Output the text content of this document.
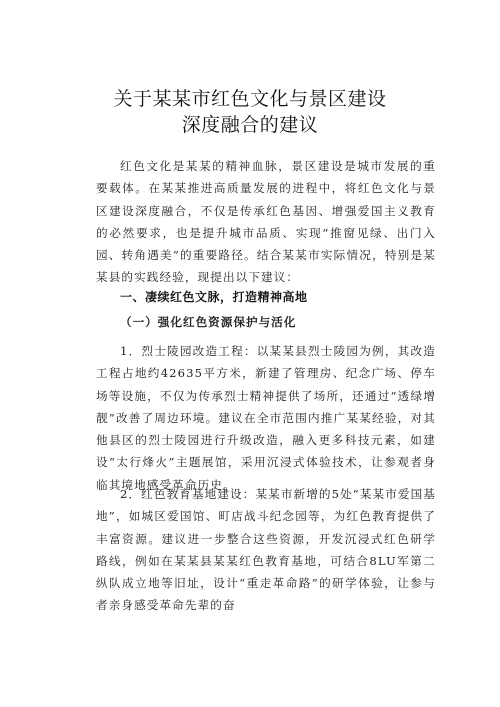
关于某某市红色文化与景区建设
深度融合的建议

红色文化是某某的精神血脉，景区建设是城市发展的重要载体。在某某推进高质量发展的进程中，将红色文化与景区建设深度融合，不仅是传承红色基因、增强爱国主义教育的必然要求，也是提升城市品质、实现“推窗见绿、出门入园、转角遇美”的重要路径。结合某某市实际情况，特别是某某县的实践经验，现提出以下建议：

一、凄续红色文脉，打造精神高地
（一）强化红色资源保护与活化

1．烈士陵园改造工程：以某某县烈士陵园为例，其改造工程占地约42635平方米，新建了管理房、纪念广场、停车场等设施，不仅为传承烈士精神提供了场所，还通过“透绿增靓”改善了周边环境。建议在全市范围内推广某某经验，对其他县区的烈士陵园进行升级改造，融入更多科技元素，如建设“太行烽火”主题展馆，采用沉浸式体验技术，让参观者身临其境地感受革命历史。

2．红色教育基地建设：某某市新增的5处“某某市爱国基地”，如城区爱国馆、町店战斗纪念园等，为红色教育提供了丰富资源。建议进一步整合这些资源，开发沉浸式红色研学路线，例如在某某县某某红色教育基地，可结合8LU军第二纵队成立地等旧址，设计“重走革命路”的研学体验，让参与者亲身感受革命先辈的奋
